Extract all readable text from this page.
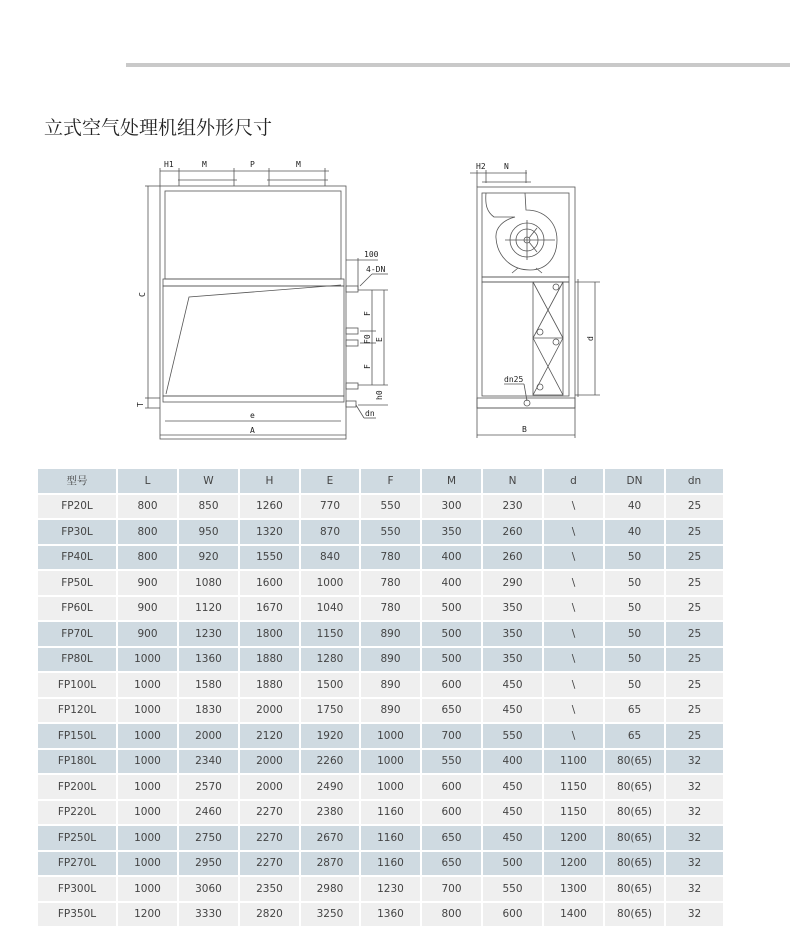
立式空气处理机组外形尺寸
H1	M	P	M
C
T
e
A
100
4-DN
F
F0 E
F
h0
dn
H2 N
dn25
d
B
型号	L	W	H	E	F	M	N	d	DN	dn
FP20L	800	850	1260	770	550	300	230	\	40	25
FP30L	800	950	1320	870	550	350	260	\	40	25
FP40L	800	920	1550	840	780	400	260	\	50	25
FP50L	900	1080	1600	1000	780	400	290	\	50	25
FP60L	900	1120	1670	1040	780	500	350	\	50	25
FP70L	900	1230	1800	1150	890	500	350	\	50	25
FP80L	1000	1360	1880	1280	890	500	350	\	50	25
FP100L	1000	1580	1880	1500	890	600	450	\	50	25
FP120L	1000	1830	2000	1750	890	650	450	\	65	25
FP150L	1000	2000	2120	1920	1000	700	550	\	65	25
FP180L	1000	2340	2000	2260	1000	550	400	1100	80(65)	32
FP200L	1000	2570	2000	2490	1000	600	450	1150	80(65)	32
FP220L	1000	2460	2270	2380	1160	600	450	1150	80(65)	32
FP250L	1000	2750	2270	2670	1160	650	450	1200	80(65)	32
FP270L	1000	2950	2270	2870	1160	650	500	1200	80(65)	32
FP300L	1000	3060	2350	2980	1230	700	550	1300	80(65)	32
FP350L	1200	3330	2820	3250	1360	800	600	1400	80(65)	32
